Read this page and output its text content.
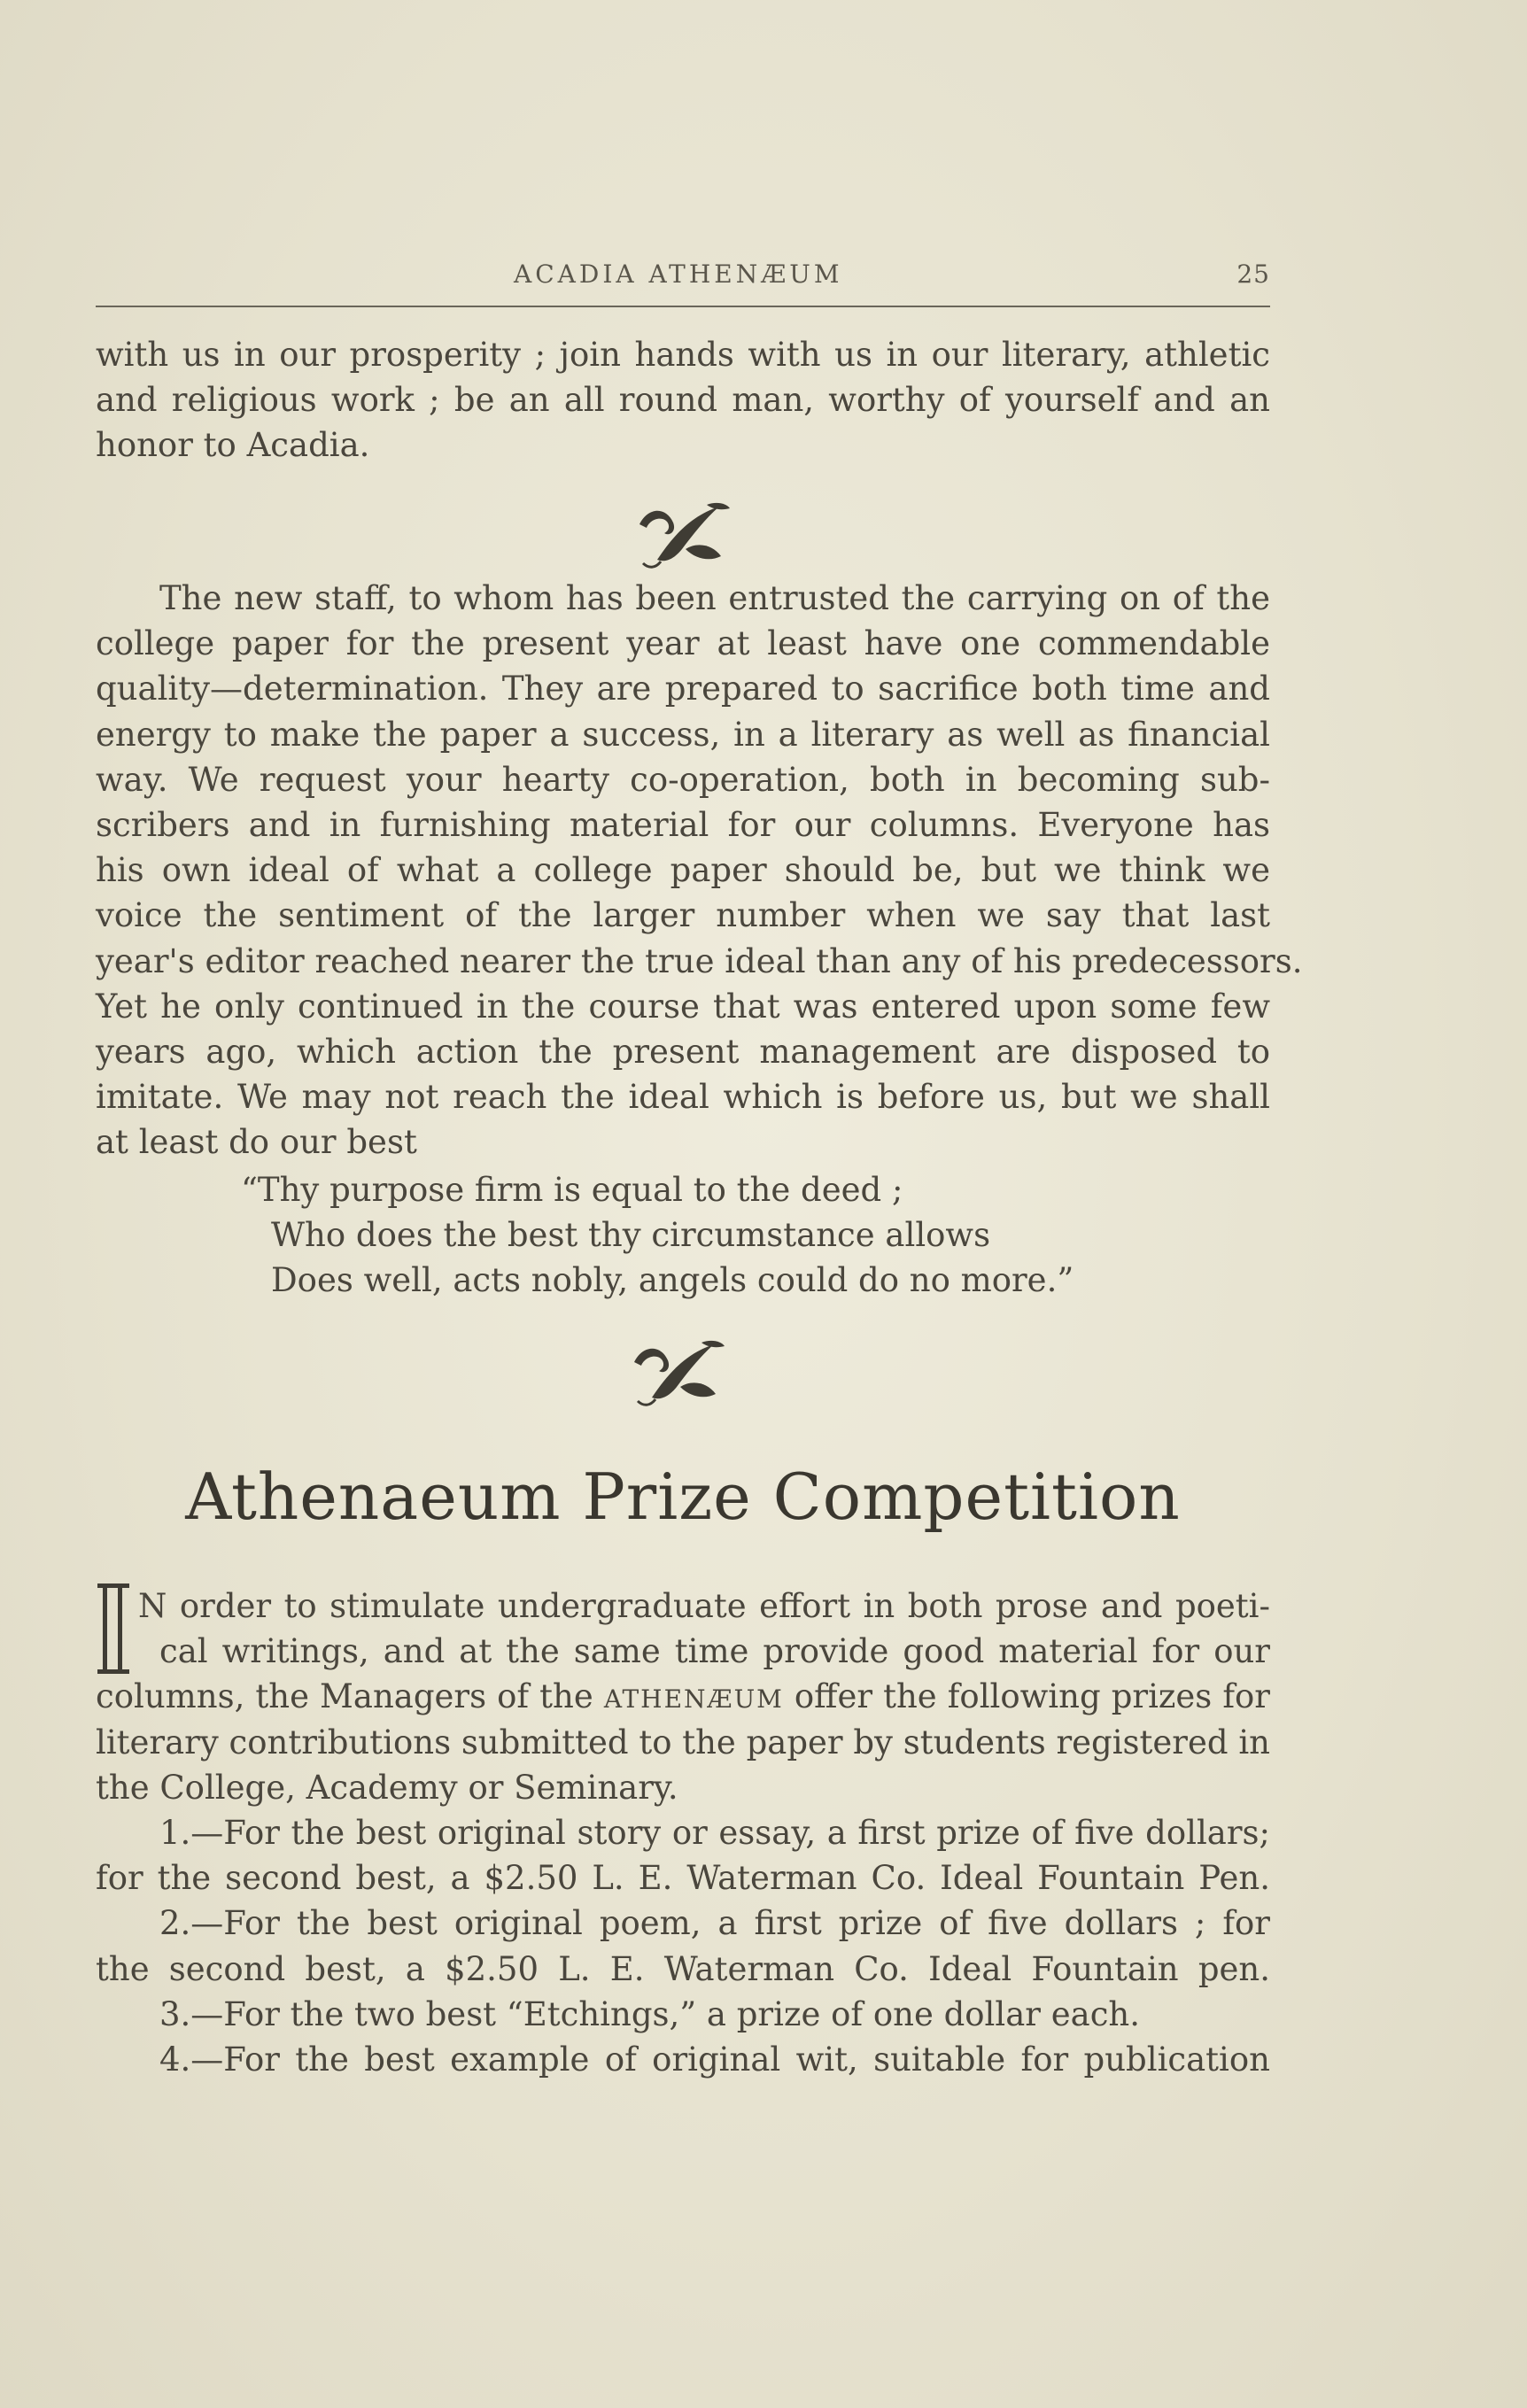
ACADIA ATHENÆUM	25
with us in our prosperity ; join hands with us in our literary, athletic
and religious work ; be an all round man, worthy of yourself and an
honor to Acadia.
The new staff, to whom has been entrusted the carrying on of the
college paper for the present year at least have one commendable
quality—determination. They are prepared to sacrifice both time and
energy to make the paper a success, in a literary as well as financial
way. We request your hearty co-operation, both in becoming sub-
scribers and in furnishing material for our columns. Everyone has
his own ideal of what a college paper should be, but we think we
voice the sentiment of the larger number when we say that last
year's editor reached nearer the true ideal than any of his predecessors.
Yet he only continued in the course that was entered upon some few
years ago, which action the present management are disposed to
imitate. We may not reach the ideal which is before us, but we shall
at least do our best
“Thy purpose firm is equal to the deed ;
Who does the best thy circumstance allows
Does well, acts nobly, angels could do no more.”
Athenaeum Prize Competition
N order to stimulate undergraduate effort in both prose and poeti-
cal writings, and at the same time provide good material for our
columns, the Managers of the ATHENÆUM offer the following prizes for
literary contributions submitted to the paper by students registered in
the College, Academy or Seminary.
1.—For the best original story or essay, a first prize of five dollars;
for the second best, a $2.50 L. E. Waterman Co. Ideal Fountain Pen.
2.—For the best original poem, a first prize of five dollars ; for
the second best, a $2.50 L. E. Waterman Co. Ideal Fountain pen.
3.—For the two best “Etchings,” a prize of one dollar each.
4.—For the best example of original wit, suitable for publication
